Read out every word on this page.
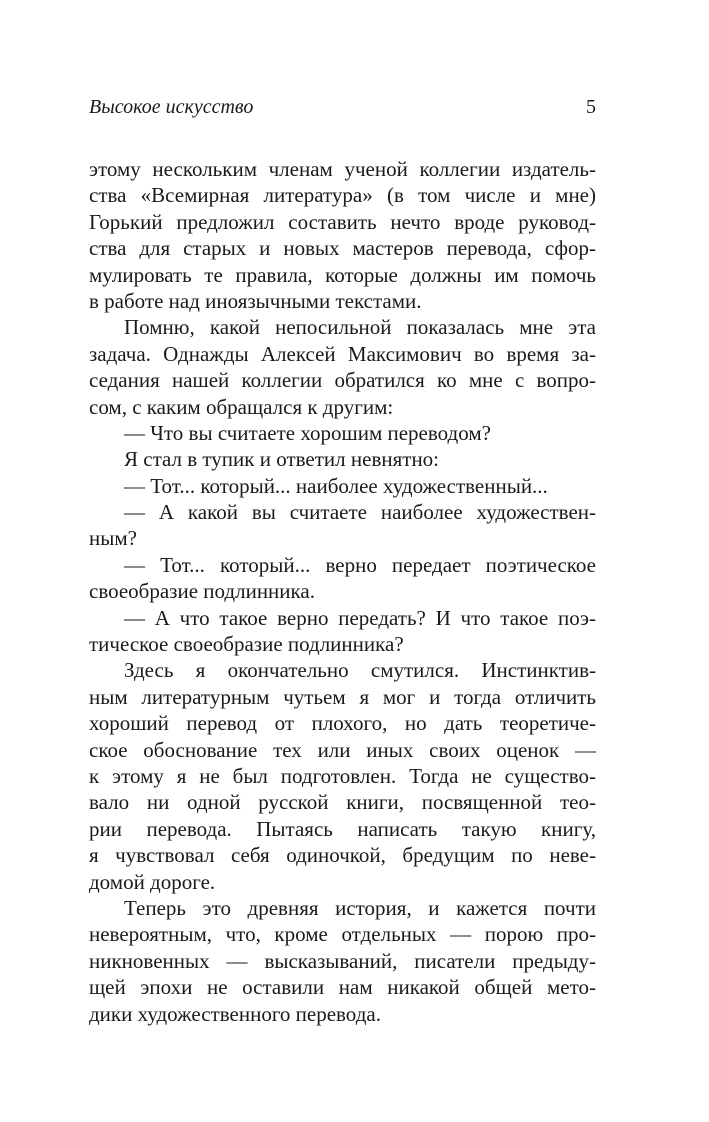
Высокое искусство	5
этому нескольким членам ученой коллегии издатель-
ства «Всемирная литература» (в том числе и мне)
Горький предложил составить нечто вроде руковод-
ства для старых и новых мастеров перевода, сфор-
мулировать те правила, которые должны им помочь
в работе над иноязычными текстами.
Помню, какой непосильной показалась мне эта
задача. Однажды Алексей Максимович во время за-
седания нашей коллегии обратился ко мне с вопро-
сом, с каким обращался к другим:
— Что вы считаете хорошим переводом?
Я стал в тупик и ответил невнятно:
— Тот... который... наиболее художественный...
— А какой вы считаете наиболее художествен-
ным?
— Тот... который... верно передает поэтическое
своеобразие подлинника.
— А что такое верно передать? И что такое поэ-
тическое своеобразие подлинника?
Здесь я окончательно смутился. Инстинктив-
ным литературным чутьем я мог и тогда отличить
хороший перевод от плохого, но дать теоретиче-
ское обоснование тех или иных своих оценок —
к этому я не был подготовлен. Тогда не существо-
вало ни одной русской книги, посвященной тео-
рии перевода. Пытаясь написать такую книгу,
я чувствовал себя одиночкой, бредущим по неве-
домой дороге.
Теперь это древняя история, и кажется почти
невероятным, что, кроме отдельных — порою про-
никновенных — высказываний, писатели предыду-
щей эпохи не оставили нам никакой общей мето-
дики художественного перевода.
